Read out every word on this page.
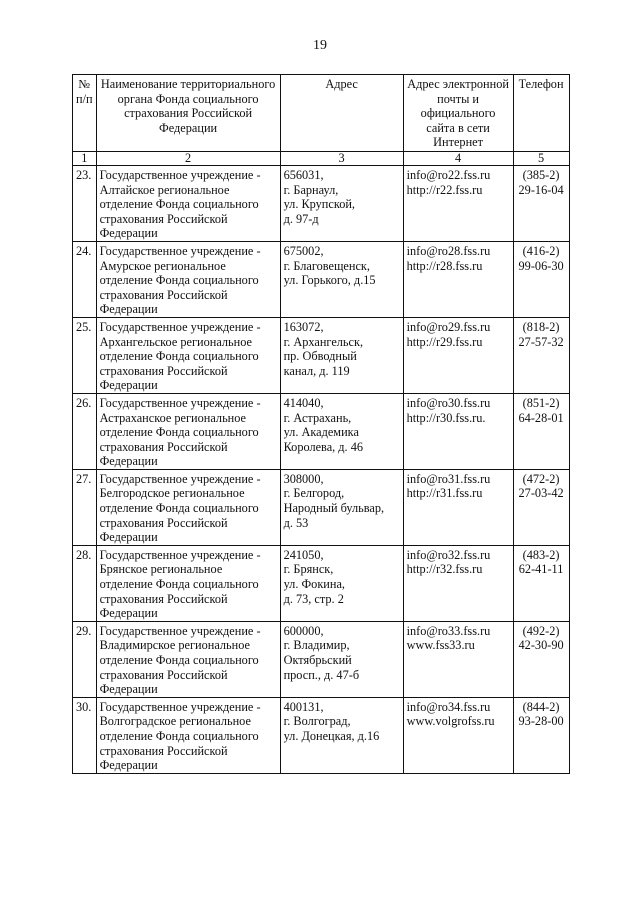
19
№
п/п	Наименование территориального
органа Фонда социального
страхования Российской
Федерации	Адрес	Адрес электронной
почты и
официального
сайта в сети
Интернет	Телефон

1	2	3	4	5
23.	Государственное учреждение -
Алтайское региональное
отделение Фонда социального
страхования Российской
Федерации	656031,
г. Барнаул,
ул. Крупской,
д. 97-д	info@ro22.fss.ru
http://r22.fss.ru	(385-2)
29-16-04

24.	Государственное учреждение -
Амурское региональное
отделение Фонда социального
страхования Российской
Федерации	675002,
г. Благовещенск,
ул. Горького, д.15	info@ro28.fss.ru
http://r28.fss.ru	(416-2)
99-06-30

25.	Государственное учреждение -
Архангельское региональное
отделение Фонда социального
страхования Российской
Федерации	163072,
г. Архангельск,
пр. Обводный
канал, д. 119	info@ro29.fss.ru
http://r29.fss.ru	(818-2)
27-57-32

26.	Государственное учреждение -
Астраханское региональное
отделение Фонда социального
страхования Российской
Федерации	414040,
г. Астрахань,
ул. Академика
Королева, д. 46	info@ro30.fss.ru
http://r30.fss.ru.	(851-2)
64-28-01

27.	Государственное учреждение -
Белгородское региональное
отделение Фонда социального
страхования Российской
Федерации	308000,
г. Белгород,
Народный бульвар,
д. 53	info@ro31.fss.ru
http://r31.fss.ru	(472-2)
27-03-42

28.	Государственное учреждение -
Брянское региональное
отделение Фонда социального
страхования Российской
Федерации	241050,
г. Брянск,
ул. Фокина,
д. 73, стр. 2	info@ro32.fss.ru
http://r32.fss.ru	(483-2)
62-41-11

29.	Государственное учреждение -
Владимирское региональное
отделение Фонда социального
страхования Российской
Федерации	600000,
г. Владимир,
Октябрьский
просп., д. 47-б	info@ro33.fss.ru
www.fss33.ru	(492-2)
42-30-90

30.	Государственное учреждение -
Волгоградское региональное
отделение Фонда социального
страхования Российской
Федерации	400131,
г. Волгоград,
ул. Донецкая, д.16	info@ro34.fss.ru
www.volgrofss.ru	(844-2)
93-28-00
